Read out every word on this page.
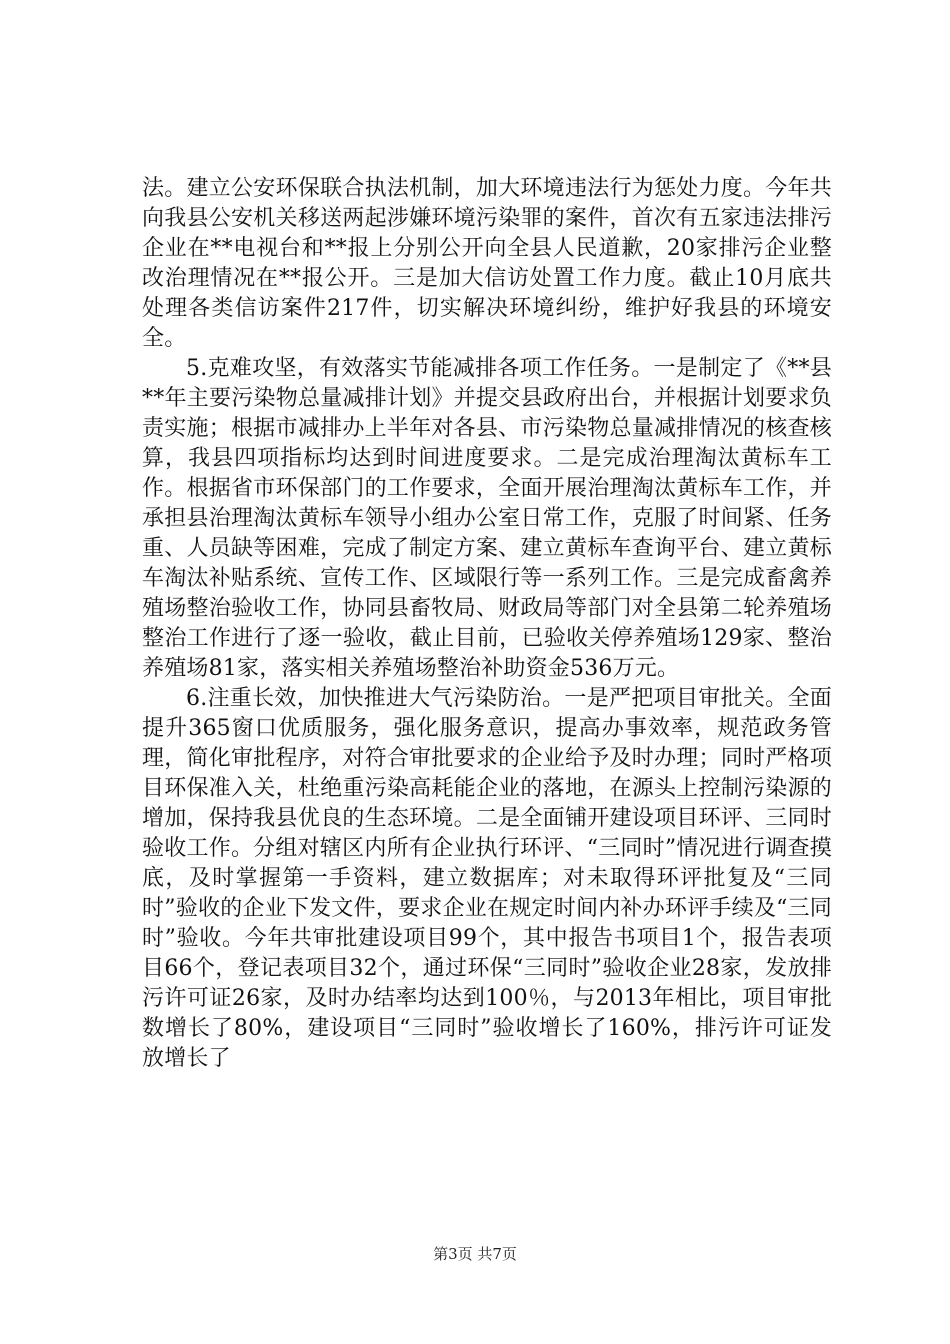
法。建立公安环保联合执法机制，加大环境违法行为惩处力度。今年共向我县公安机关移送两起涉嫌环境污染罪的案件，首次有五家违法排污企业在**电视台和**报上分别公开向全县人民道歉，20家排污企业整改治理情况在**报公开。三是加大信访处置工作力度。截止10月底共处理各类信访案件217件，切实解决环境纠纷，维护好我县的环境安全。

5.克难攻坚，有效落实节能减排各项工作任务。一是制定了《**县**年主要污染物总量减排计划》并提交县政府出台，并根据计划要求负责实施；根据市减排办上半年对各县、市污染物总量减排情况的核查核算，我县四项指标均达到时间进度要求。二是完成治理淘汰黄标车工作。根据省市环保部门的工作要求，全面开展治理淘汰黄标车工作，并承担县治理淘汰黄标车领导小组办公室日常工作，克服了时间紧、任务重、人员缺等困难，完成了制定方案、建立黄标车查询平台、建立黄标车淘汰补贴系统、宣传工作、区域限行等一系列工作。三是完成畜禽养殖场整治验收工作，协同县畜牧局、财政局等部门对全县第二轮养殖场整治工作进行了逐一验收，截止目前，已验收关停养殖场129家、整治养殖场81家，落实相关养殖场整治补助资金536万元。

6.注重长效，加快推进大气污染防治。一是严把项目审批关。全面提升365窗口优质服务，强化服务意识，提高办事效率，规范政务管理，简化审批程序，对符合审批要求的企业给予及时办理；同时严格项目环保准入关，杜绝重污染高耗能企业的落地，在源头上控制污染源的增加，保持我县优良的生态环境。二是全面铺开建设项目环评、三同时验收工作。分组对辖区内所有企业执行环评、“三同时”情况进行调查摸底，及时掌握第一手资料，建立数据库；对未取得环评批复及“三同时”验收的企业下发文件，要求企业在规定时间内补办环评手续及“三同时”验收。今年共审批建设项目99个，其中报告书项目1个，报告表项目66个，登记表项目32个，通过环保“三同时”验收企业28家，发放排污许可证26家，及时办结率均达到100％，与2013年相比，项目审批数增长了80%，建设项目“三同时”验收增长了160%，排污许可证发放增长了

第3页 共7页
